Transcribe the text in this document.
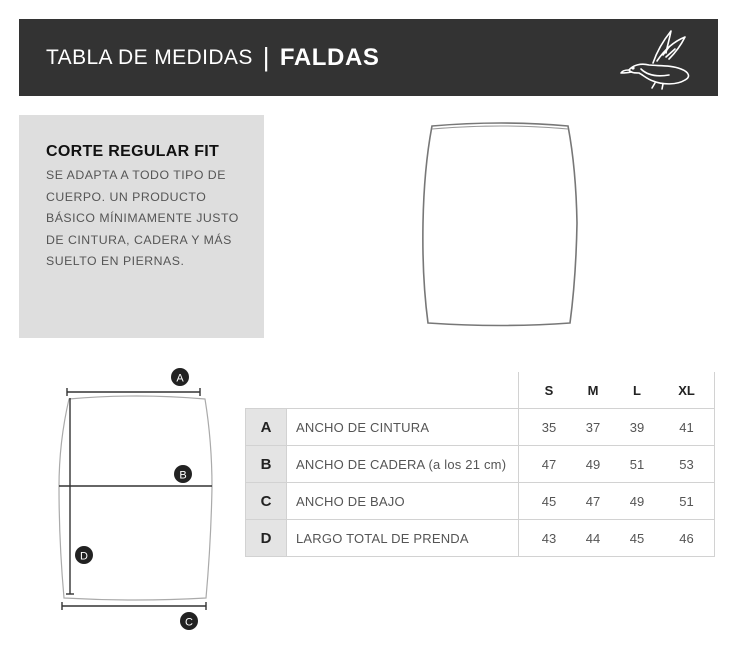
TABLA DE MEDIDAS | FALDAS
CORTE REGULAR FIT
SE ADAPTA A TODO TIPO DE CUERPO. UN PRODUCTO BÁSICO MÍNIMAMENTE JUSTO DE CINTURA, CADERA Y MÁS SUELTO EN PIERNAS.
A
B
C
D
		S	M	L	XL
A	ANCHO DE CINTURA	35	37	39	41
B	ANCHO DE CADERA (a los 21 cm)	47	49	51	53
C	ANCHO DE BAJO	45	47	49	51
D	LARGO TOTAL DE PRENDA	43	44	45	46
